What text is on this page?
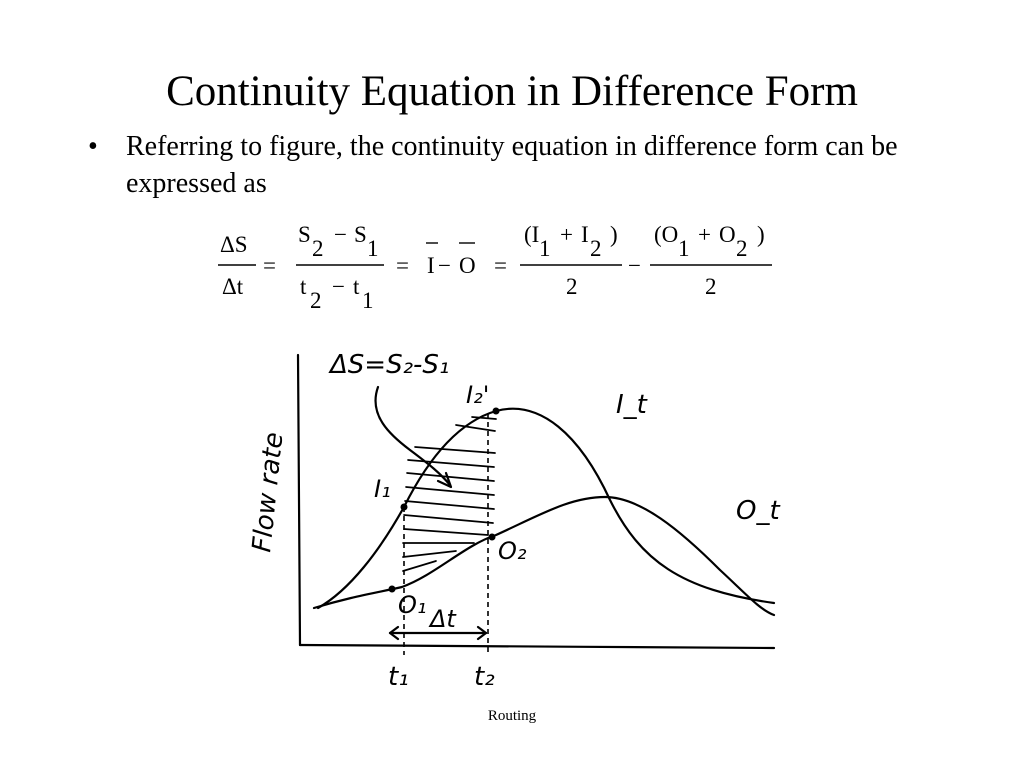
Continuity Equation in Difference Form
• Referring to figure, the continuity equation in difference form can be expressed as
ΔS
Δt
=
S
2
− S
1
t
2
− t
1
= I − O =
(I
1
+ I
2
)
2
−
(O
1
+ O
2
)
2
ΔS=S₂-S₁
Flow rate
I₂'	I_t
I₁
O_t
O₂
O₁ Δt
t₁	t₂
Routing
